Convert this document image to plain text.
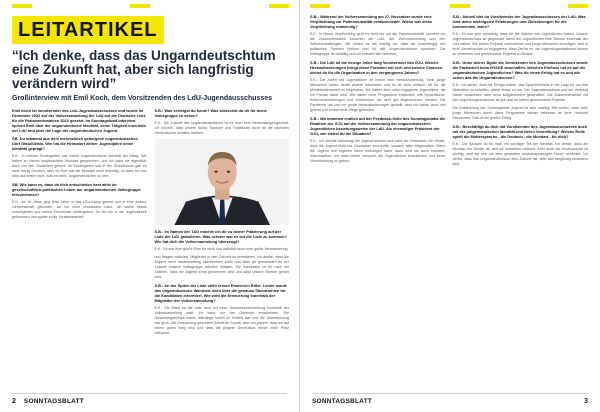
LEITARTIKEL
“Ich denke, dass das Ungarndeutschtum eine Zukunft hat, aber sich langfristig verändern wird”
Großinterview mit Emil Koch, dem Vorsitzenden des LdU-Jugendausschusses

Emil Koch ist Vorsitzender des LdU-Jugendausschusses und wurde im Dezember 2022 auf der Vollversammlung der LdU auf die Deutsche Liste für die Parlamentswahlen 2022 gesetzt. Im Sonntagsblatt-Interview spricht Emil über die ungarndeutsche Identität, seine Tätigkeit innerhalb der LdU und über die Lage der ungarndeutschen Jugend.

SB: Du stammst aus dem mehrheitlich geborgene ungarndeutschen Dorf Ófalu/Olfalu. Wie hat die Heimatort deiner Jugendjahre deine Identität geprägt?

E.K.: In meinen Kindergarten war meine ungarndeutsche Identität der Alltag. Wir haben zu Hause hauptsächlich Mundart gesprochen, und ich habe sie eigentlich auch von den Großeltern gelernt. Im Kindergarten und in der Grundschule gab es zwar wenig Deutsch, aber im Dorf war die Mundart noch lebendig, so dass ich von klein auf erlebt habe, was es heißt, Ungarndeutscher zu sein.

SB: Wie kann es, dass du dich entschieden hast aktiv im gesellschaftlich-politischen Leben der ungarndeutschen Volksgruppe teilzunehmen?

E.K.: Ab 16 Jahre ging jede Jahre in das LDU-Kamp gereist und in eine andere Gemeinschaft gefunden, wo ich mich verstanden habe. Ich wollte etwas zurückgeben und meine Kenntnisse weitergeben. So bin ich in die Jugendarbeit gekommen und später in die Vorstandsarbeit.

S.B.: Was verfolgst du heute? Was wünschst du dir für deine Volksgruppe zu sehen?

E.K.: Die Zukunft des Ungarndeutschtums ist für mich eine Herzensangelegenheit. Ich möchte, dass unsere Kultur, Sprache und Traditionen auch für die nächsten Generationen erhalten bleiben.

S.B.: Im Namen der TAG möchte ich dir zu deiner Platzierung auf der Liste der LdU gratulieren. Was schwer war es auf die Liste zu kommen? Wie hat dich die Vollversammlung überzeugt?

E.K.: Es war eine große Ehre für mich und natürlich auch eine große Verantwortung.

und Wagen motiviert, Mitglieder in den Zukunft zu investieren. Ich denke, dass die Jugend mehr Verantwortung übernehmen sollte und dass wir gemeinsam an der Zukunft unserer Volksgruppe arbeiten müssen. Die Kandidatur ist für mich ein Zeichen, dass die Jugend ernst genommen wird und dass unsere Stimme gehört wird.

S.B.: An der Spitze der Liste steht erneut Emmerich Ritter. Leider wurde das ungarndeutsche Wahlvolk nicht über die genauen Stimmzahlen für die Kandidaten informiert. Wie wird die Erneuerung innerhalb der Mitglieder der Vollversammlung?

E.K.: Die Wahl für die Liste fand mit einer Konsensentscheidung innerhalb der Vollversammlung statt. Es kann nur der Gerechte entscheiden. Die Gesamtergebnisse waren allerdings schon im Vorfeld klar und die Unterstützung war groß. Die Erneuerung geschieht Schritt für Schritt, aber ich glaube, dass wir auf einem guten Weg sind und dass die jüngere Generation immer mehr Platz bekommt.

2 SONNTAGSBLATT

S.B.: Während der Vollversammlung am 27. November wurde eine Verpflichtung zur Parteineutralität verabschiedet. Wieso war diese Verpflichtung notwendig?

E.K.: In dieser Verpflichtung geht es nicht nur um die Parteineutralität, sondern um die Zusammenarbeit zwischen der LdU, der Vollversammlung und den Selbstverwaltungen. Wir sehen es als wichtig an, dass wir unabhängig von politischen Parteien bleiben und für alle Ungarndeutschen sprechen. Die Volksgruppe ist vielfältig und wir müssen alle vertreten.

S.B.: Die LdU ist die einzige Jahre lang Vorsitzender des GJU. Welche Herausforderungen bringt diese Funktion mit sich und welche Chancen siehst du für die Organisation in den vergangenen Jahren?

E.K.: Die Arbeit mit Jugendlichen ist immer eine Herausforderung. Viele junge Menschen haben heute andere Interessen und es ist nicht einfach, sie für die Minderheitenarbeit zu begeistern. Wir haben aber viele engagierte Jugendliche, die mit Freude dabei sind. Wir haben neue Programme entwickelt, wie Sprachkurse, Kulturveranstaltungen und Workshops, die sehr gut angenommen werden. Die Pandemie hat uns vor große Herausforderungen gestellt, aber wir haben auch viel gelernt und online neue Wege gefunden.

S.B.: Wir kommen endlich auf der Feedback-Seite des Sonntagsblatts die Reaktion der GJU auf der Vollversammlung der ungarndeutschen Jugendlichen beziehungsweise der LdU. Als ehemaliger Präsident der GJU, wie siehst du die Situation?

E.K.: Ich möchte überzeugt die Jugend kennen und mehr sie entwickeln. Ich denke, dass die Jugend nicht nur Zuschauer sein sollte, sondern aktiv mitgestalten. Wenn die Jugend ihre eigenen Ideen einbringen kann, dann sind sie auch motiviert, mitzumachen. Ich habe immer versucht, die Jugendlichen einzubinden und ihnen Verantwortung zu geben.

S.B.: Aktuell bist du Vorsitzender der Jugendausschusses der LdU. Was sind deine wichtigsten Erfahrungen und Zielsetzungen für die kommenden Jahre?

E.K.: Es war sehr schwierig, dass wir die Wahlen von Jugendlichen haben. Unsere Jugendausschuss ist gegründet, damit die Jugendlichen eine Stimme innerhalb der LdU haben. Wir wollen Projekte unterstützen und junge Menschen ermutigen, sich in ihrer Gemeinschaft zu engagieren. Mein Ziel ist es, die Jugendorganisationen besser zu vernetzen und gemeinsame Projekte zu fördern.

S.B.: Unter deiner Ägide als Vorsitzender des Jugendausschusses wurde die Facharbeit beim NYAKE anschaffen. Welchen Einfluss hat es auf die ungarndeutschen Jugendlichen? Was für einen Erfolg hat es und wie sehen das die Ungarndeutschen?

E.K.: Ich denke, dass wir Erfolge haben, das Sprachfreihaus in der Lage ist, um ihre Motivation zu schaffen, selbst etwas zu tun. Der Jugendausschuss und der Verband haben zusammen viele neue Möglichkeiten geschaffen. Die Zusammenarbeit mit den Jugendorganisationen ist gut und wir haben gemeinsame Projekte.

Die Entwicklung der Sonntagsblatt Jugend ist sehr wichtig. Wir sehen, dass viele junge Menschen durch diese Programme wieder Interesse an ihrer Herkunft bekommen. Das ist ein großer Erfolg.

S.B.: Beschäftigt du dich mit Vorsitzender des Jugendausschusses auch mit der jungendeutschen Identität und deren Vermittlung? Welche Rolle spielt die Muttersprache - die Deutsch - die Mundart - für dich?

E.K.: Die Sprache ist für mich ein wichtiger Teil der Identität. Ich denke, dass die Mundart ein Schatz ist, den wir bewahren müssen. Aber auch die Hochsprache ist wichtig, weil sie uns mit dem gesamten deutschsprachigen Raum verbindet. Ich denke, dass das Ungarndeutschtum eine Zukunft hat, aber sich langfristig verändern wird.

SONNTAGSBLATT	3
